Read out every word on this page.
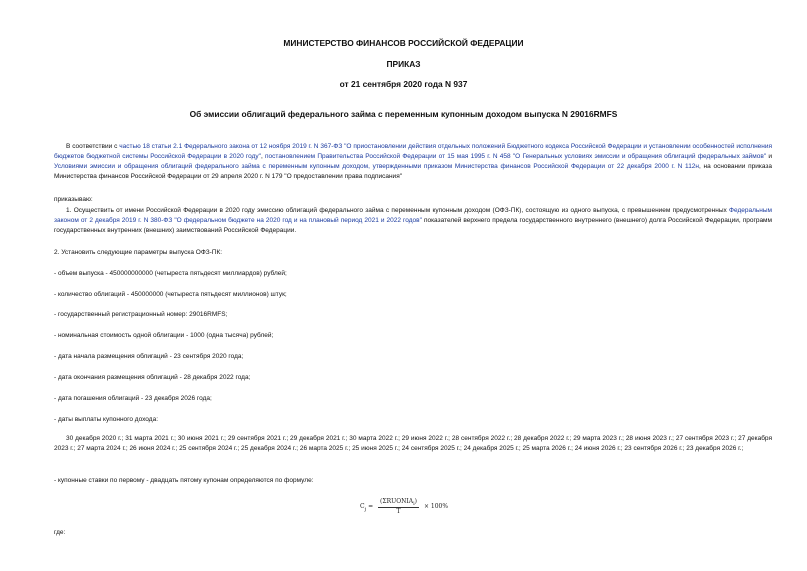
МИНИСТЕРСТВО ФИНАНСОВ РОССИЙСКОЙ ФЕДЕРАЦИИ
ПРИКАЗ
от 21 сентября 2020 года N 937
Об эмиссии облигаций федерального займа с переменным купонным доходом выпуска N 29016RMFS

В соответствии с частью 18 статьи 2.1 Федерального закона от 12 ноября 2019 г. N 367-ФЗ "О приостановлении действия отдельных положений Бюджетного кодекса Российской Федерации и установлении особенностей исполнения бюджетов бюджетной системы Российской Федерации в 2020 году", постановлением Правительства Российской Федерации от 15 мая 1995 г. N 458 "О Генеральных условиях эмиссии и обращения облигаций федеральных займов" и Условиями эмиссии и обращения облигаций федерального займа с переменным купонным доходом, утвержденными приказом Министерства финансов Российской Федерации от 22 декабря 2000 г. N 112н, на основании приказа Министерства финансов Российской Федерации от 29 апреля 2020 г. N 179 "О предоставлении права подписания"

приказываю:

1. Осуществить от имени Российской Федерации в 2020 году эмиссию облигаций федерального займа с переменным купонным доходом (ОФЗ-ПК), состоящую из одного выпуска, с превышением предусмотренных Федеральным законом от 2 декабря 2019 г. N 380-ФЗ "О федеральном бюджете на 2020 год и на плановый период 2021 и 2022 годов" показателей верхнего предела государственного внутреннего (внешнего) долга Российской Федерации, программ государственных внутренних (внешних) заимствований Российской Федерации.

2. Установить следующие параметры выпуска ОФЗ-ПК:
- объем выпуска - 450000000000 (четыреста пятьдесят миллиардов) рублей;
- количество облигаций - 450000000 (четыреста пятьдесят миллионов) штук;
- государственный регистрационный номер: 29016RMFS;
- номинальная стоимость одной облигации - 1000 (одна тысяча) рублей;
- дата начала размещения облигаций - 23 сентября 2020 года;
- дата окончания размещения облигаций - 28 декабря 2022 года;
- дата погашения облигаций - 23 декабря 2026 года;
- даты выплаты купонного дохода:

30 декабря 2020 г.; 31 марта 2021 г.; 30 июня 2021 г.; 29 сентября 2021 г.; 29 декабря 2021 г.; 30 марта 2022 г.; 29 июня 2022 г.; 28 сентября 2022 г.; 28 декабря 2022 г.; 29 марта 2023 г.; 28 июня 2023 г.; 27 сентября 2023 г.; 27 декабря 2023 г.; 27 марта 2024 г.; 26 июня 2024 г.; 25 сентября 2024 г.; 25 декабря 2024 г.; 26 марта 2025 г.; 25 июня 2025 г.; 24 сентября 2025 г.; 24 декабря 2025 г.; 25 марта 2026 г.; 24 июня 2026 г.; 23 сентября 2026 г.; 23 декабря 2026 г.;

- купонные ставки по первому - двадцать пятому купонам определяются по формуле:
$C_j = \frac{(\Sigma RUONIA_i)}{T} \times 100\%$
где:
